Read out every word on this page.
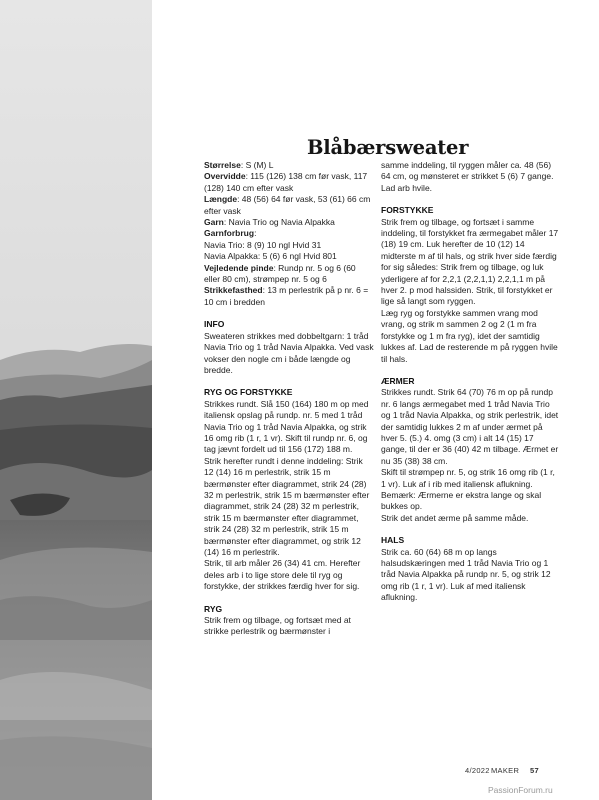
Blåbærsweater

Størrelse: S (M) L

Overvidde: 115 (126) 138 cm før vask, 117 (128) 140 cm efter vask

Længde: 48 (56) 64 før vask, 53 (61) 66 cm efter vask

Garn: Navia Trio og Navia Alpakka

Garnforbrug:

Navia Trio: 8 (9) 10 ngl Hvid 31

Navia Alpakka: 5 (6) 6 ngl Hvid 801

Vejledende pinde: Rundp nr. 5 og 6 (60 eller 80 cm), strømpep nr. 5 og 6

Strikkefasthed: 13 m perlestrik på p nr. 6 = 10 cm i bredden

INFO

Sweateren strikkes med dobbeltgarn: 1 tråd Navia Trio og 1 tråd Navia Alpakka. Ved vask vokser den nogle cm i både længde og bredde.

RYG OG FORSTYKKE

Strikkes rundt. Slå 150 (164) 180 m op med italiensk opslag på rundp. nr. 5 med 1 tråd Navia Trio og 1 tråd Navia Alpakka, og strik 16 omg rib (1 r, 1 vr). Skift til rundp nr. 6, og tag jævnt fordelt ud til 156 (172) 188 m.

Strik herefter rundt i denne inddeling: Strik 12 (14) 16 m perlestrik, strik 15 m bærmønster efter diagrammet, strik 24 (28) 32 m perlestrik, strik 15 m bærmønster efter diagrammet, strik 24 (28) 32 m perlestrik, strik 15 m bærmønster efter diagrammet, strik 24 (28) 32 m perlestrik, strik 15 m bærmønster efter diagrammet, og strik 12 (14) 16 m perlestrik.

Strik, til arb måler 26 (34) 41 cm. Herefter deles arb i to lige store dele til ryg og forstykke, der strikkes færdig hver for sig.

RYG

Strik frem og tilbage, og fortsæt med at strikke perlestrik og bærmønster i

samme inddeling, til ryggen måler ca. 48 (56) 64 cm, og mønsteret er strikket 5 (6) 7 gange. Lad arb hvile.

FORSTYKKE

Strik frem og tilbage, og fortsæt i samme inddeling, til forstykket fra ærmegabet måler 17 (18) 19 cm. Luk herefter de 10 (12) 14 midterste m af til hals, og strik hver side færdig for sig således: Strik frem og tilbage, og luk yderligere af for 2,2,1 (2,2,1,1) 2,2,1,1 m på hver 2. p mod halssiden. Strik, til forstykket er lige så langt som ryggen.

Læg ryg og forstykke sammen vrang mod vrang, og strik m sammen 2 og 2 (1 m fra forstykke og 1 m fra ryg), idet der samtidig lukkes af. Lad de resterende m på ryggen hvile til hals.

ÆRMER

Strikkes rundt. Strik 64 (70) 76 m op på rundp nr. 6 langs ærmegabet med 1 tråd Navia Trio og 1 tråd Navia Alpakka, og strik perlestrik, idet der samtidig lukkes 2 m af under ærmet på hver 5. (5.) 4. omg (3 cm) i alt 14 (15) 17 gange, til der er 36 (40) 42 m tilbage. Ærmet er nu 35 (38) 38 cm.

Skift til strømpep nr. 5, og strik 16 omg rib (1 r, 1 vr). Luk af i rib med italiensk aflukning.

Bemærk: Ærmerne er ekstra lange og skal bukkes op.

Strik det andet ærme på samme måde.

HALS

Strik ca. 60 (64) 68 m op langs halsudskæringen med 1 tråd Navia Trio og 1 tråd Navia Alpakka på rundp nr. 5, og strik 12 omg rib (1 r, 1 vr). Luk af med italiensk aflukning.

4/2022 MAKER 57
PassionForum.ru
